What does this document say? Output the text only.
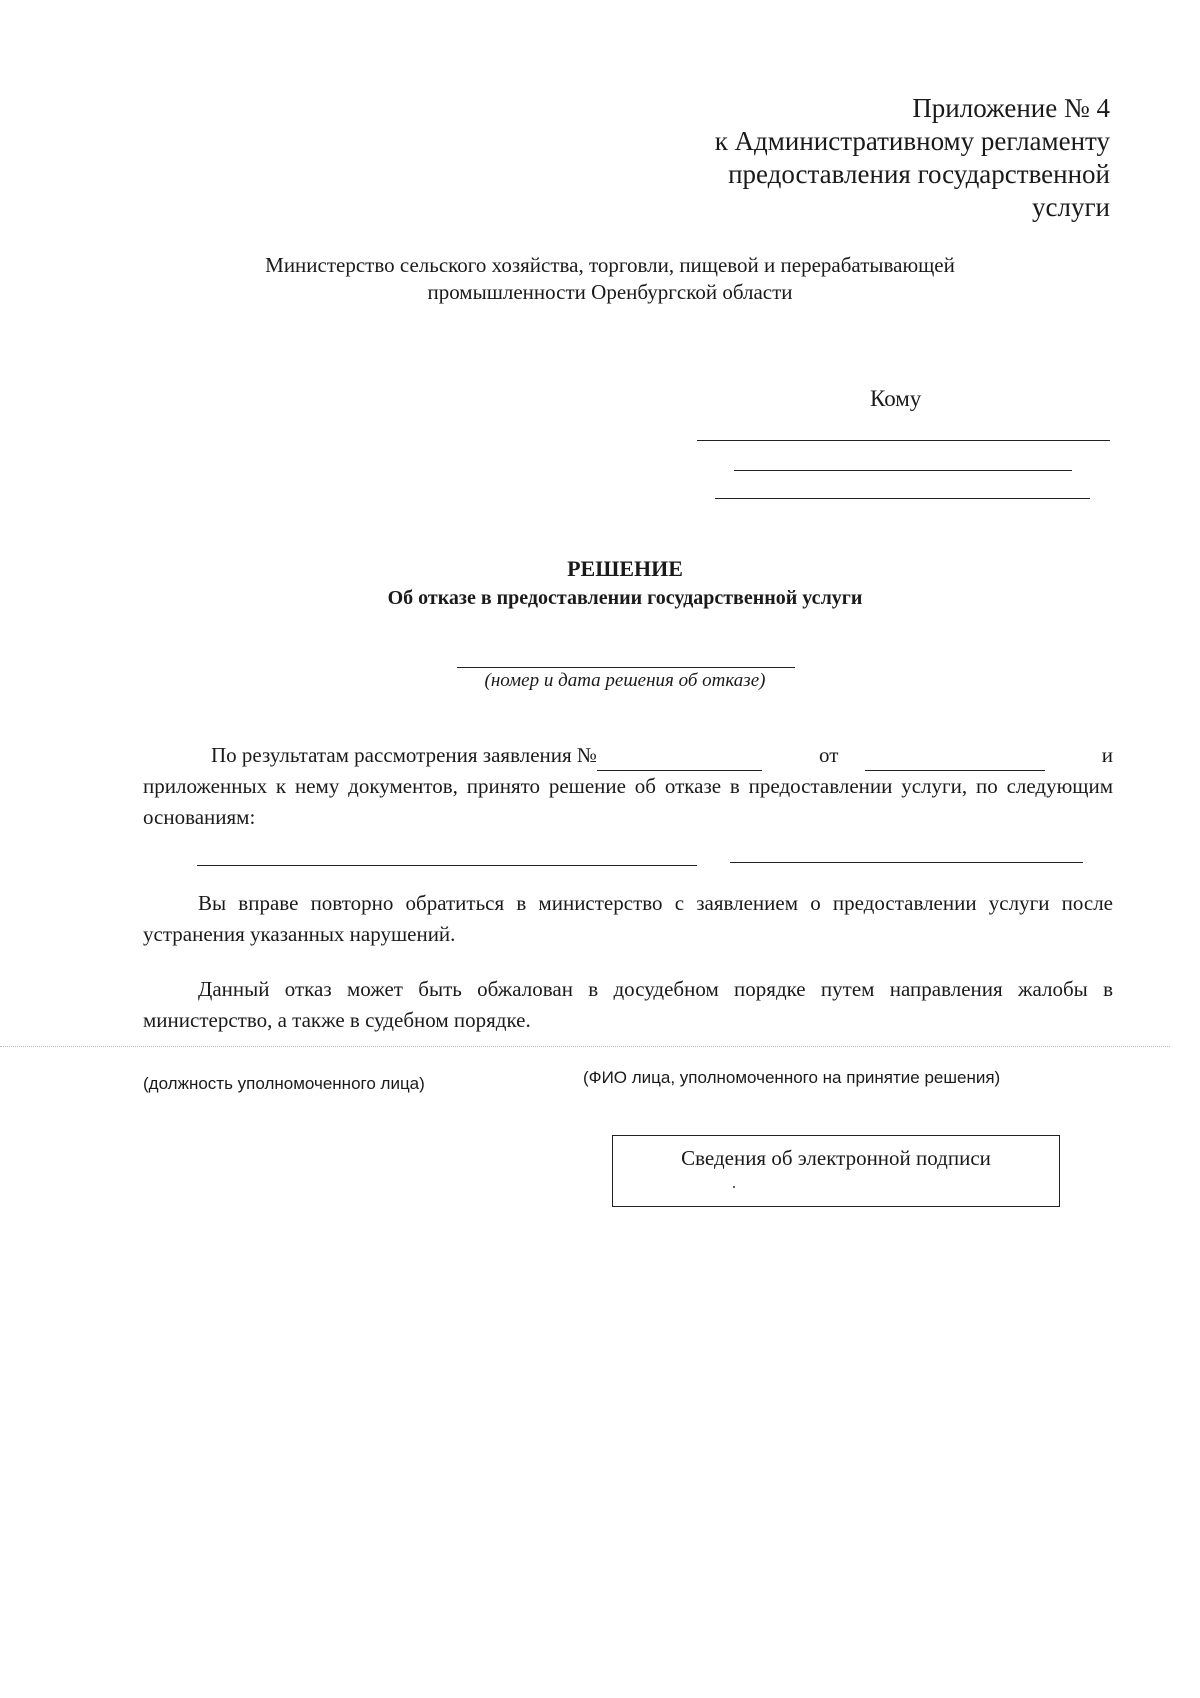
Приложение № 4
к Административному регламенту
предоставления государственной
услуги
Министерство сельского хозяйства, торговли, пищевой и перерабатывающей
промышленности Оренбургской области
Кому
РЕШЕНИЕ
Об отказе в предоставлении государственной услуги
(номер и дата решения об отказе)
По результатам рассмотрения заявления №	от	и
приложенных к нему документов, принято решение об отказе в предоставлении услуги, по следующим основаниям:
Вы вправе повторно обратиться в министерство с заявлением о предоставлении услуги после устранения указанных нарушений.
Данный отказ может быть обжалован в досудебном порядке путем направления жалобы в министерство, а также в судебном порядке.
(должность уполномоченного лица)	(ФИО лица, уполномоченного на принятие решения)
Сведения об электронной подписи
